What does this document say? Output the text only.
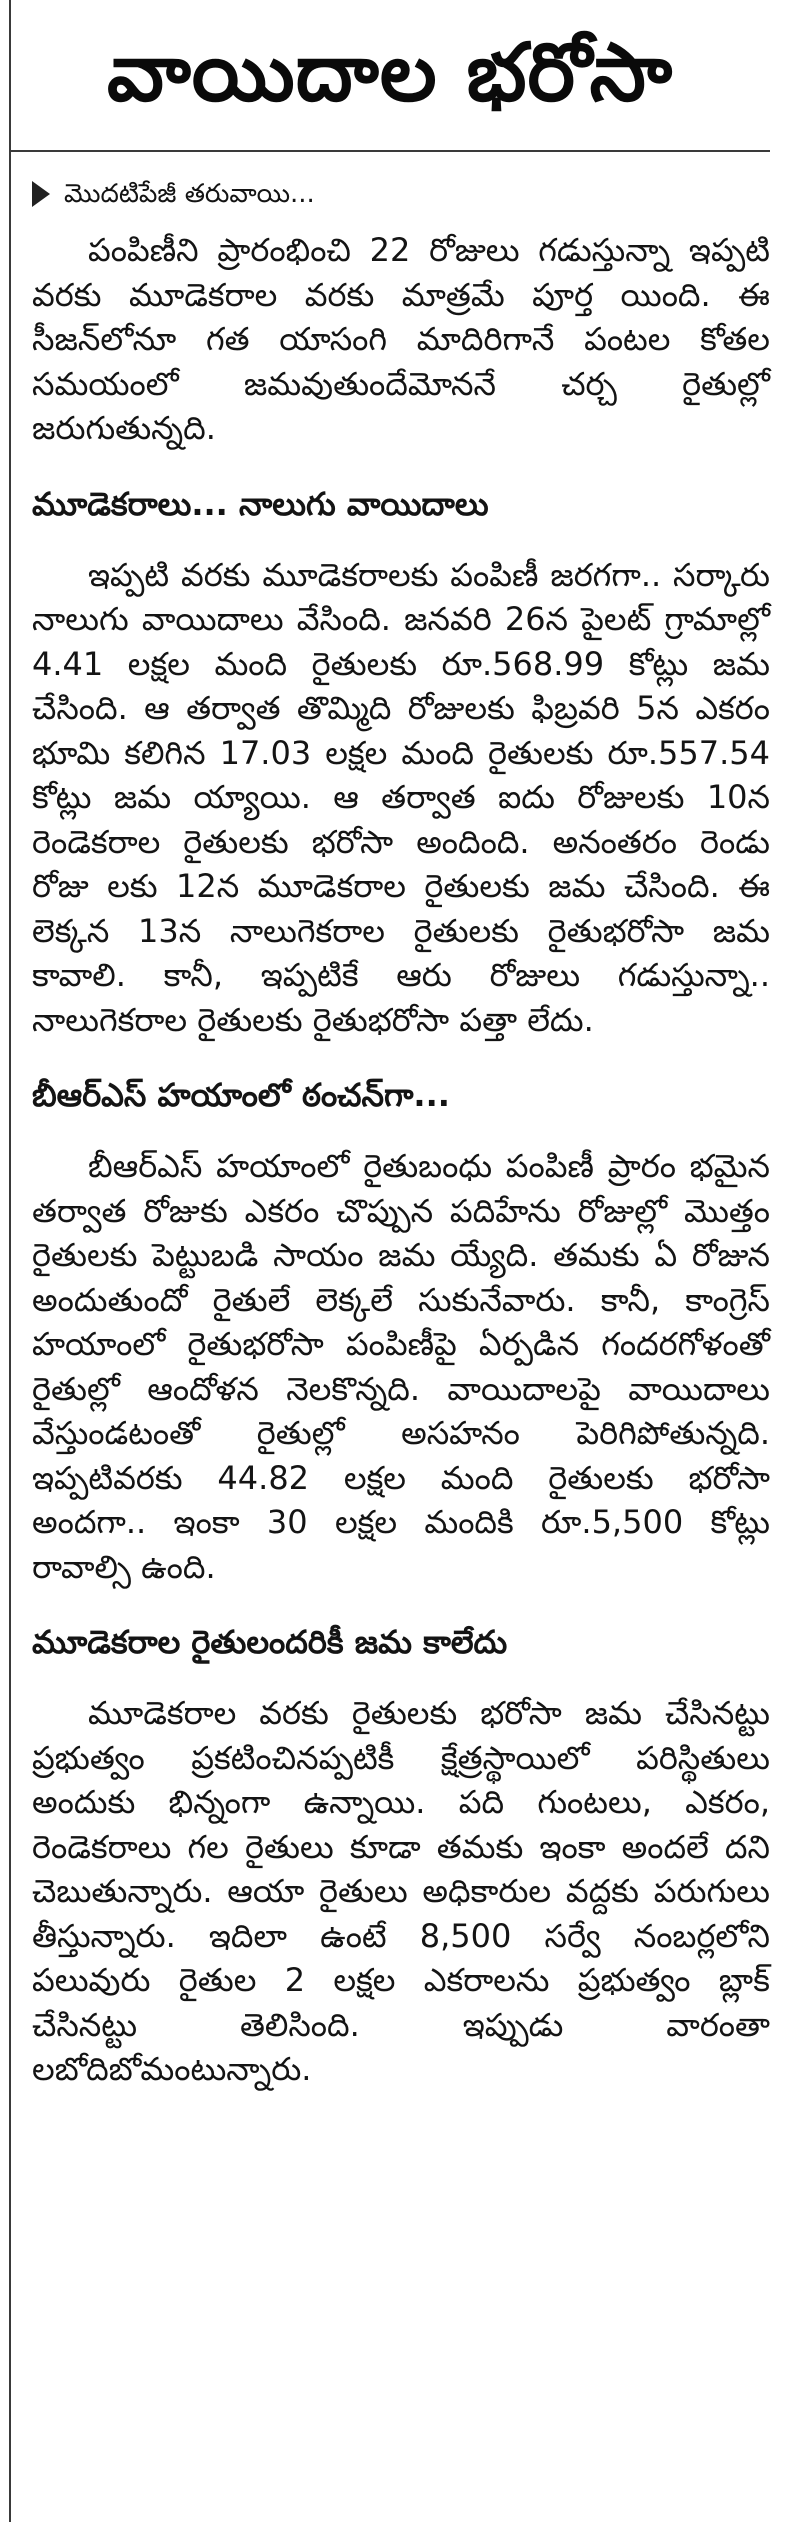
వాయిదాల భరోసా
మొదటిపేజీ తరువాయి...

పంపిణీని ప్రారంభించి 22 రోజులు గడుస్తున్నా ఇప్పటి వరకు మూడెకరాల వరకు మాత్రమే పూర్త యింది. ఈ సీజన్‌లోనూ గత యాసంగి మాదిరిగానే పంటల కోతల సమయంలో జమవుతుందేమోననే చర్చ రైతుల్లో జరుగుతున్నది.

మూడెకరాలు... నాలుగు వాయిదాలు

ఇప్పటి వరకు మూడెకరాలకు పంపిణీ జరగగా.. సర్కారు నాలుగు వాయిదాలు వేసింది. జనవరి 26న పైలట్ గ్రామాల్లో 4.41 లక్షల మంది రైతులకు రూ.568.99 కోట్లు జమ చేసింది. ఆ తర్వాత తొమ్మిది రోజులకు ఫిబ్రవరి 5న ఎకరం భూమి కలిగిన 17.03 లక్షల మంది రైతులకు రూ.557.54 కోట్లు జమ య్యాయి. ఆ తర్వాత ఐదు రోజులకు 10న రెండెకరాల రైతులకు భరోసా అందింది. అనంతరం రెండు రోజు లకు 12న మూడెకరాల రైతులకు జమ చేసింది. ఈ లెక్కన 13న నాలుగెకరాల రైతులకు రైతుభరోసా జమ కావాలి. కానీ, ఇప్పటికే ఆరు రోజులు గడుస్తున్నా.. నాలుగెకరాల రైతులకు రైతుభరోసా పత్తా లేదు.

బీఆర్ఎస్ హయాంలో ఠంచన్‌గా...

బీఆర్ఎస్ హయాంలో రైతుబంధు పంపిణీ ప్రారం భమైన తర్వాత రోజుకు ఎకరం చొప్పున పదిహేను రోజుల్లో మొత్తం రైతులకు పెట్టుబడి సాయం జమ య్యేది. తమకు ఏ రోజున అందుతుందో రైతులే లెక్కలే సుకునేవారు. కానీ, కాంగ్రెస్ హయాంలో రైతుభరోసా పంపిణీపై ఏర్పడిన గందరగోళంతో రైతుల్లో ఆందోళన నెలకొన్నది. వాయిదాలపై వాయిదాలు వేస్తుండటంతో రైతుల్లో అసహనం పెరిగిపోతున్నది. ఇప్పటివరకు 44.82 లక్షల మంది రైతులకు భరోసా అందగా.. ఇంకా 30 లక్షల మందికి రూ.5,500 కోట్లు రావాల్సి ఉంది.

మూడెకరాల రైతులందరికీ జమ కాలేదు

మూడెకరాల వరకు రైతులకు భరోసా జమ చేసినట్టు ప్రభుత్వం ప్రకటించినప్పటికీ క్షేత్రస్థాయిలో పరిస్థితులు అందుకు భిన్నంగా ఉన్నాయి. పది గుంటలు, ఎకరం, రెండెకరాలు గల రైతులు కూడా తమకు ఇంకా అందలే దని చెబుతున్నారు. ఆయా రైతులు అధికారుల వద్దకు పరుగులు తీస్తున్నారు. ఇదిలా ఉంటే 8,500 సర్వే నంబర్లలోని పలువురు రైతుల 2 లక్షల ఎకరాలను ప్రభుత్వం బ్లాక్ చేసినట్టు తెలిసింది. ఇప్పుడు వారంతా లబోదిబోమంటున్నారు.
